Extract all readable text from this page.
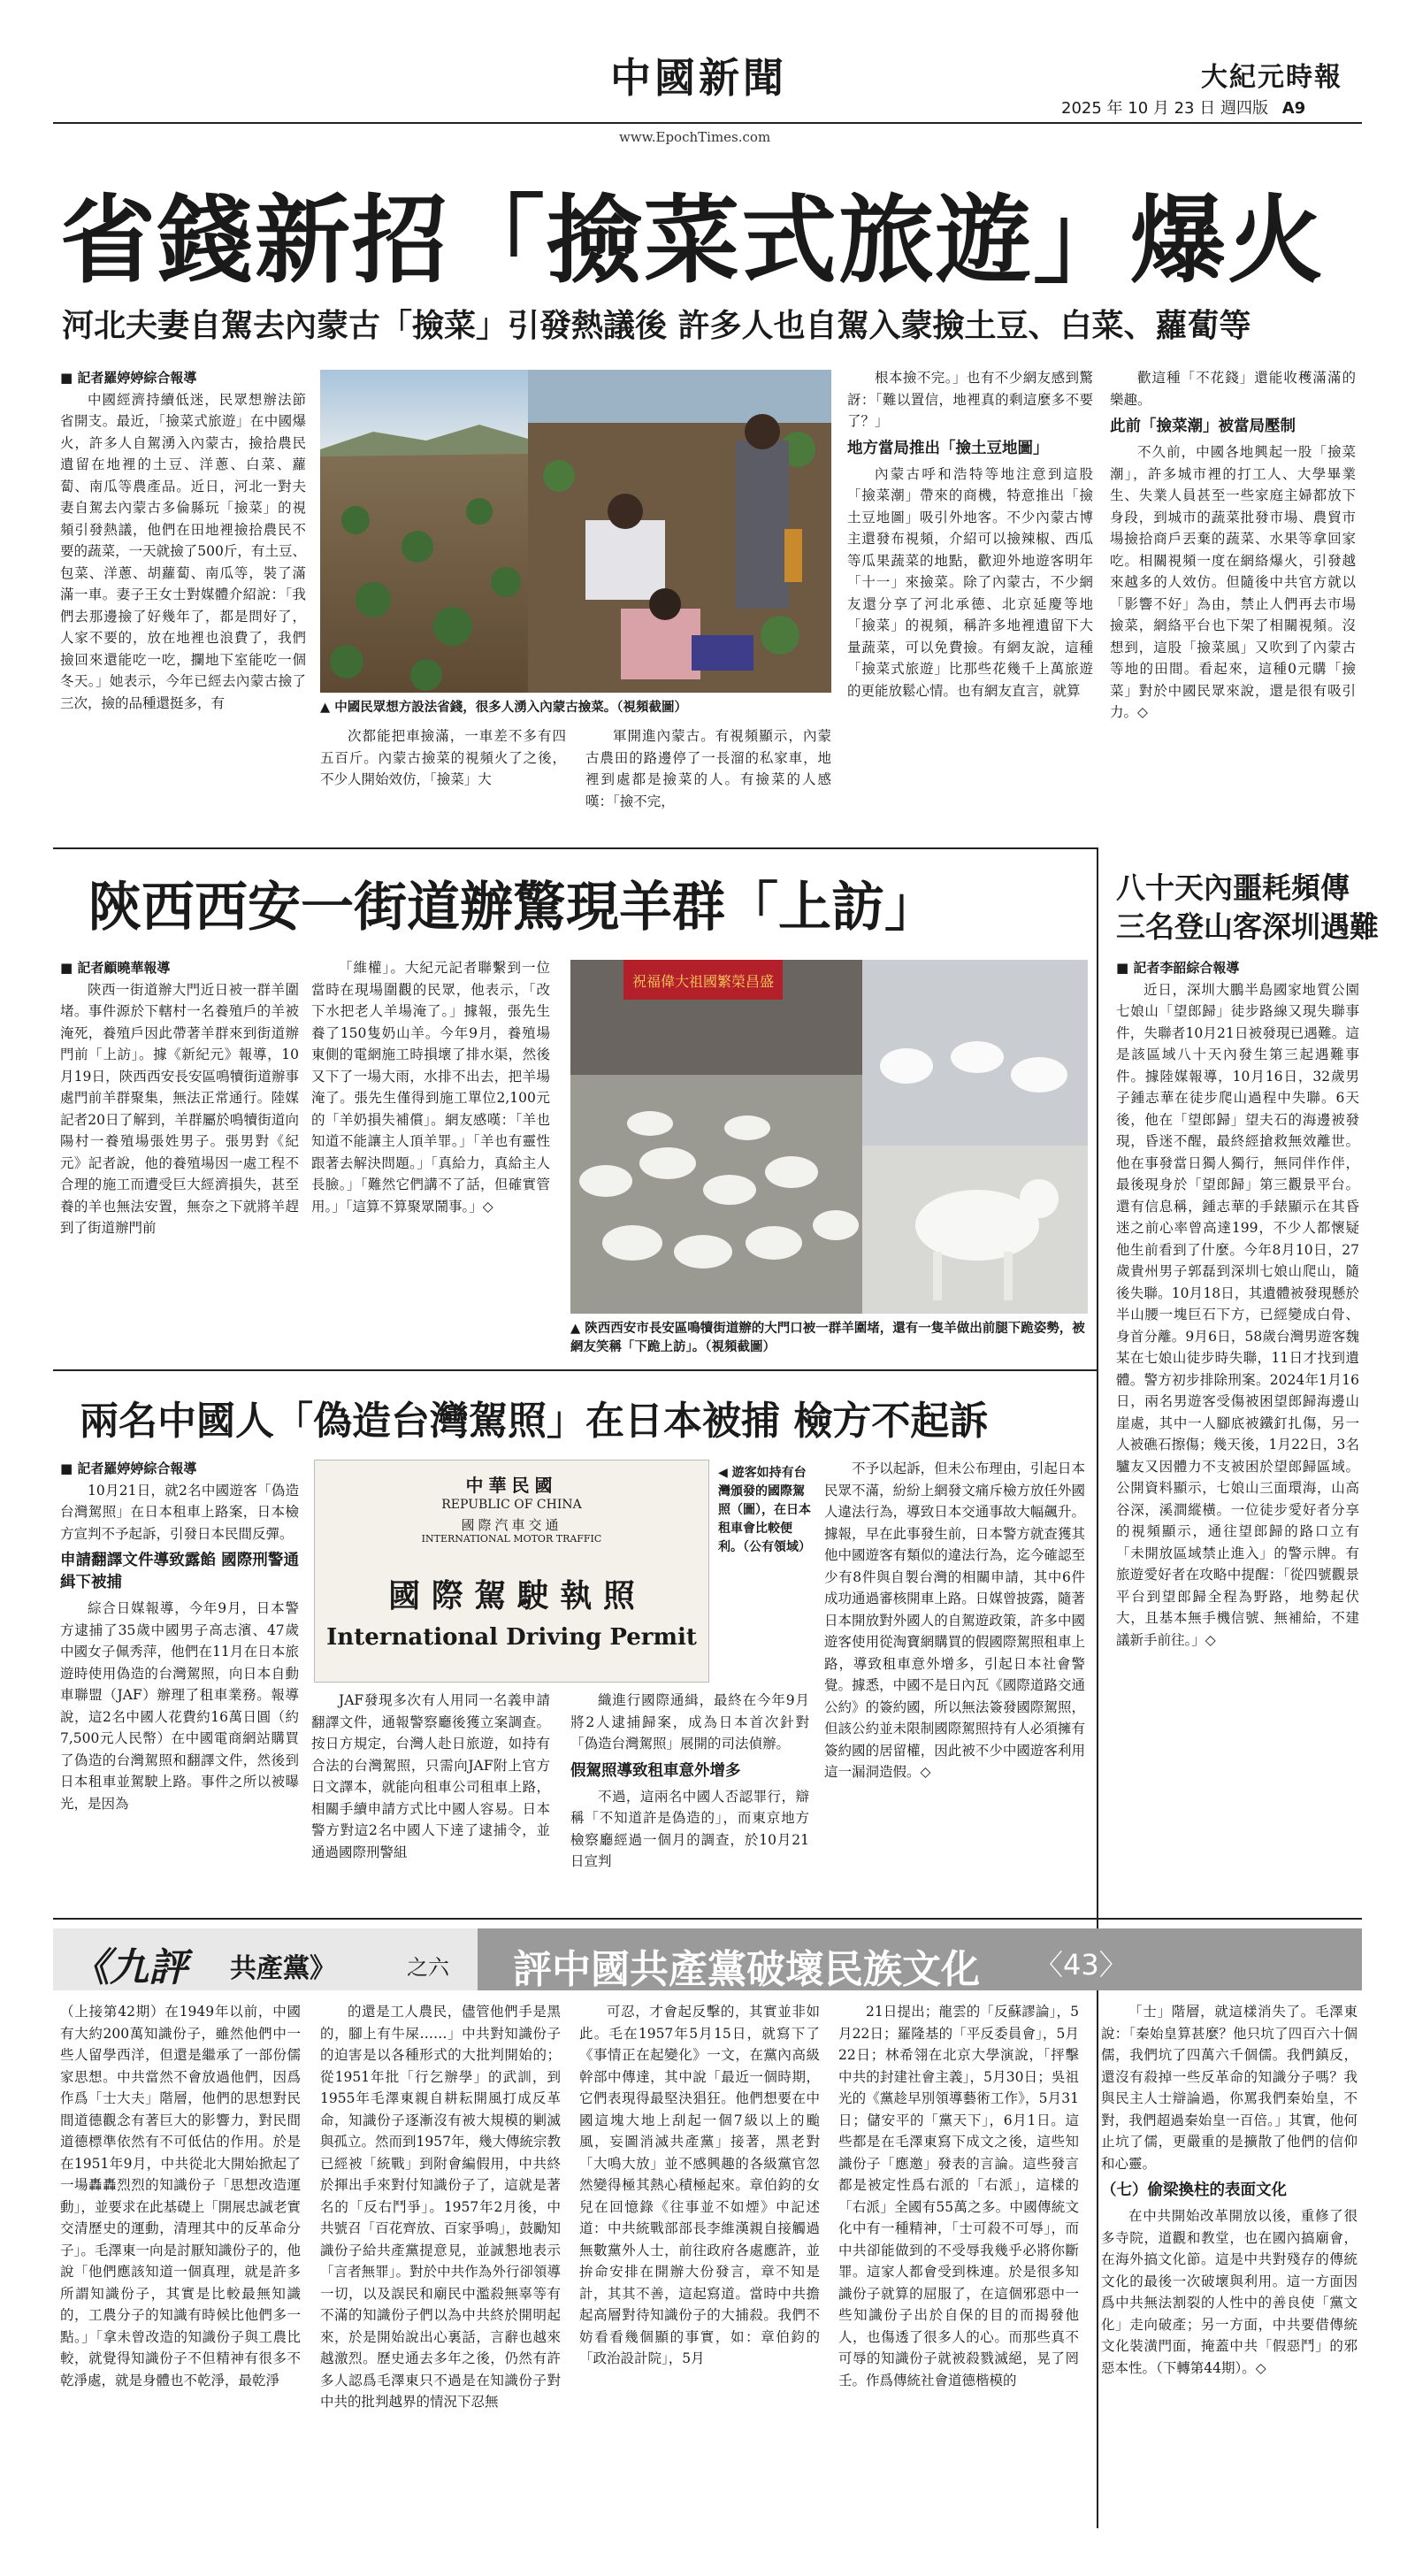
中國新聞
www.EpochTimes.com
大紀元時報
2025 年 10 月 23 日 週四版 A9
省錢新招「撿菜式旅遊」爆火
河北夫妻自駕去內蒙古「撿菜」引發熱議後 許多人也自駕入蒙撿土豆、白菜、蘿蔔等
■ 記者羅婷婷綜合報導

中國經濟持續低迷，民眾想辦法節省開支。最近，「撿菜式旅遊」在中國爆火，許多人自駕湧入內蒙古，撿拾農民遺留在地裡的土豆、洋蔥、白菜、蘿蔔、南瓜等農產品。近日，河北一對夫妻自駕去內蒙古多倫縣玩「撿菜」的視頻引發熱議，他們在田地裡撿拾農民不要的蔬菜，一天就撿了500斤，有土豆、包菜、洋蔥、胡蘿蔔、南瓜等，裝了滿滿一車。妻子王女士對媒體介紹說：「我們去那邊撿了好幾年了，都是問好了，人家不要的，放在地裡也浪費了，我們撿回來還能吃一吃，攔地下室能吃一個冬天。」她表示，今年已經去內蒙古撿了三次，撿的品種還挺多，有	▲ 中國民眾想方設法省錢，很多人湧入內蒙古撿菜。（視頻截圖）

次都能把車撿滿，一車差不多有四五百斤。內蒙古撿菜的視頻火了之後，不少人開始效仿，「撿菜」大

軍開進內蒙古。有視頻顯示，內蒙古農田的路邊停了一長溜的私家車，地裡到處都是撿菜的人。有撿菜的人感嘆：「撿不完，

根本撿不完。」也有不少網友感到驚訝：「難以置信，地裡真的剩這麼多不要了？」

地方當局推出「撿土豆地圖」

內蒙古呼和浩特等地注意到這股「撿菜潮」帶來的商機，特意推出「撿土豆地圖」吸引外地客。不少內蒙古博主還發布視頻，介紹可以撿辣椒、西瓜等瓜果蔬菜的地點，歡迎外地遊客明年「十一」來撿菜。除了內蒙古，不少網友還分享了河北承德、北京延慶等地「撿菜」的視頻，稱許多地裡遺留下大量蔬菜，可以免費撿。有網友說，這種「撿菜式旅遊」比那些花幾千上萬旅遊的更能放鬆心情。也有網友直言，就算

歡這種「不花錢」還能收穫滿滿的樂趣。

此前「撿菜潮」被當局壓制

不久前，中國各地興起一股「撿菜潮」，許多城市裡的打工人、大學畢業生、失業人員甚至一些家庭主婦都放下身段，到城市的蔬菜批發市場、農貿市場撿拾商戶丟棄的蔬菜、水果等拿回家吃。相關視頻一度在網絡爆火，引發越來越多的人效仿。但隨後中共官方就以「影響不好」為由，禁止人們再去市場撿菜，網絡平台也下架了相關視頻。沒想到，這股「撿菜風」又吹到了內蒙古等地的田間。看起來，這種0元購「撿菜」對於中國民眾來說，還是很有吸引力。◇

陝西西安一街道辦驚現羊群「上訪」
■ 記者顧曉華報導

陝西一街道辦大門近日被一群羊圍堵。事件源於下轄村一名養殖戶的羊被淹死，養殖戶因此帶著羊群來到街道辦門前「上訪」。據《新紀元》報導，10月19日，陝西西安長安區鳴犢街道辦事處門前羊群聚集，無法正常通行。陸媒記者20日了解到，羊群屬於鳴犢街道向陽村一養殖場張姓男子。張男對《紀元》記者說，他的養殖場因一處工程不合理的施工而遭受巨大經濟損失，甚至養的羊也無法安置，無奈之下就將羊趕到了街道辦門前

「維權」。大紀元記者聯繫到一位當時在現場圍觀的民眾，他表示，「改下水把老人羊場淹了。」據報，張先生養了150隻奶山羊。今年9月，養殖場東側的電網施工時損壞了排水渠，然後又下了一場大雨，水排不出去，把羊場淹了。張先生僅得到施工單位2,100元的「羊奶損失補償」。網友感嘆：「羊也知道不能讓主人頂羊罪。」「羊也有靈性跟著去解決問題。」「真給力，真給主人長臉。」「難然它們講不了話，但確實管用。」「這算不算聚眾鬧事。」◇

祝福偉大祖國繁榮昌盛
▲ 陝西西安市長安區鳴犢街道辦的大門口被一群羊圍堵，還有一隻羊做出前腿下跪姿勢，被網友笑稱「下跪上訪」。（視頻截圖）
兩名中國人「偽造台灣駕照」在日本被捕 檢方不起訴
■ 記者羅婷婷綜合報導

10月21日，就2名中國遊客「偽造台灣駕照」在日本租車上路案，日本檢方宣判不予起訴，引發日本民間反彈。

申請翻譯文件導致露餡 國際刑警通緝下被捕

綜合日媒報導，今年9月，日本警方逮捕了35歲中國男子高志濱、47歲中國女子佩秀萍，他們在11月在日本旅遊時使用偽造的台灣駕照，向日本自動車聯盟（JAF）辦理了租車業務。報導說，這2名中國人花費約16萬日圓（約7,500元人民幣）在中國電商網站購買了偽造的台灣駕照和翻譯文件，然後到日本租車並駕駛上路。事件之所以被曝光，是因為

中華民國
REPUBLIC OF CHINA
國際汽車交通
INTERNATIONAL MOTOR TRAFFIC
國 際 駕 駛 執 照
International Driving Permit
◀ 遊客如持有台灣頒發的國際駕照（圖），在日本租車會比較便利。（公有領域）

JAF發現多次有人用同一名義申請翻譯文件，通報警察廳後獲立案調查。按日方規定，台灣人赴日旅遊，如持有合法的台灣駕照，只需向JAF附上官方日文譯本，就能向租車公司租車上路，相關手續申請方式比中國人容易。日本警方對這2名中國人下達了逮捕令，並通過國際刑警組

織進行國際通緝，最終在今年9月將2人逮捕歸案，成為日本首次針對「偽造台灣駕照」展開的司法偵辦。

假駕照導致租車意外增多

不過，這兩名中國人否認罪行，辯稱「不知道許是偽造的」，而東京地方檢察廳經過一個月的調查，於10月21日宣判

不予以起訴，但未公布理由，引起日本民眾不滿，紛紛上網發文痛斥檢方放任外國人違法行為，導致日本交通事故大幅飆升。據報，早在此事發生前，日本警方就查獲其他中國遊客有類似的違法行為，迄今確認至少有8件與自製台灣的相關申請，其中6件成功通過審核開車上路。日媒曾披露，隨著日本開放對外國人的自駕遊政策，許多中國遊客使用從淘寶網購買的假國際駕照租車上路，導致租車意外增多，引起日本社會警覺。據悉，中國不是日內瓦《國際道路交通公約》的簽約國，所以無法簽發國際駕照，但該公約並未限制國際駕照持有人必須擁有簽約國的居留權，因此被不少中國遊客利用這一漏洞造假。◇

八十天內噩耗頻傳
三名登山客深圳遇難
■ 記者李韶綜合報導

近日，深圳大鵬半島國家地質公園七娘山「望郎歸」徒步路線又現失聯事件，失聯者10月21日被發現已遇難。這是該區域八十天內發生第三起遇難事件。據陸媒報導，10月16日，32歲男子鍾志華在徒步爬山過程中失聯。6天後，他在「望郎歸」望夫石的海邊被發現，昏迷不醒，最終經搶救無效離世。他在事發當日獨人獨行，無同伴作伴，最後現身於「望郎歸」第三觀景平台。還有信息稱，鍾志華的手錶顯示在其昏迷之前心率曾高達199，不少人都懷疑他生前看到了什麼。今年8月10日，27歲貴州男子郭磊到深圳七娘山爬山，隨後失聯。10月18日，其遺體被發現懸於半山腰一塊巨石下方，已經變成白骨、身首分離。9月6日，58歲台灣男遊客魏某在七娘山徒步時失聯，11日才找到遺體。警方初步排除刑案。2024年1月16日，兩名男遊客受傷被困望郎歸海邊山崖處，其中一人腳底被鐵釘扎傷，另一人被礁石擦傷；幾天後，1月22日，3名驢友又因體力不支被困於望郎歸區域。公開資料顯示，七娘山三面環海，山高谷深，溪澗縱橫。一位徒步愛好者分享的視頻顯示，通往望郎歸的路口立有「未開放區域禁止進入」的警示牌。有旅遊愛好者在攻略中提醒：「從四號觀景平台到望郎歸全程為野路，地勢起伏大，且基本無手機信號、無補給，不建議新手前往。」◇

《九評 共產黨》	之六 評中國共產黨破壞民族文化 〈43〉

（上接第42期）在1949年以前，中國有大約200萬知識份子，雖然他們中一些人留學西洋，但還是繼承了一部份儒家思想。中共當然不會放過他們，因爲作爲「士大夫」階層，他們的思想對民間道德觀念有著巨大的影響力，對民間道德標準依然有不可低估的作用。於是在1951年9月，中共從北大開始掀起了一場轟轟烈烈的知識份子「思想改造運動」，並要求在此基礎上「開展忠誠老實交清歷史的運動，清理其中的反革命分子」。毛澤東一向是討厭知識份子的，他說「他們應該知道一個真理，就是許多所謂知識份子，其實是比較最無知識的，工農分子的知識有時候比他們多一點。」「拿未曾改造的知識份子與工農比較，就覺得知識份子不但精神有很多不乾淨處，就是身體也不乾淨，最乾淨

的還是工人農民，儘管他們手是黑的，腳上有牛屎……」中共對知識份子的迫害是以各種形式的大批判開始的；從1951年批「行乞辦學」的武訓，到1955年毛澤東親自耕耘開風打成反革命，知識份子逐漸沒有被大規模的剿滅與孤立。然而到1957年，幾大傳統宗教已經被「統戰」到附會編假用，中共終於揮出手來對付知識份子了，這就是著名的「反右鬥爭」。1957年2月後，中共號召「百花齊放、百家爭鳴」，鼓勵知識份子給共產黨提意見，並誠懇地表示「言者無罪」。對於中共作為外行卻領導一切，以及誤民和廟民中濫殺無辜等有不滿的知識份子們以為中共終於開明起來，於是開始說出心裏話，言辭也越來越激烈。歷史通去多年之後，仍然有許多人認爲毛澤東只不過是在知識份子對中共的批判越界的情況下忍無

可忍，才會起反擊的，其實並非如此。毛在1957年5月15日，就寫下了《事情正在起變化》一文，在黨內高級幹部中傳達，其中說「最近一個時期，它們表現得最堅決猖狂。他們想要在中國這塊大地上刮起一個7級以上的颱風，妄圖消滅共產黨」接著，黑老對「大鳴大放」並不感興趣的各級黨官忽然變得極其熱心積極起來。章伯鈞的女兒在回憶錄《往事並不如煙》中記述道：中共統戰部部長李維漢親自接觸過無數黨外人士，前往政府各處應許，並拚命安排在開辦大份發言，章不知是計，其其不善，這起寫道。當時中共擔起高層對待知識份子的大捕殺。我們不妨看看幾個顯的事實，如：章伯鈞的「政治設計院」，5月

21日提出；龍雲的「反蘇謬論」，5月22日；羅隆基的「平反委員會」，5月22日；林希翎在北京大學演說，「抨擊中共的封建社會主義」，5月30日；吳祖光的《黨趁早別領導藝術工作》，5月31日；儲安平的「黨天下」，6月1日。這些都是在毛澤東寫下成文之後，這些知識份子「應邀」發表的言論。這些發言都是被定性爲右派的「右派」，這樣的「右派」全國有55萬之多。中國傳統文化中有一種精神，「士可殺不可辱」，而中共卻能做到的不受辱我幾乎必將你斷罪。這家人都會受到株連。於是很多知識份子就算的屈服了，在這個邪惡中一些知識份子出於自保的目的而揭發他人，也傷透了很多人的心。而那些真不可辱的知識份子就被殺戮滅絕，晃了罔壬。作爲傳統社會道德楷模的

「士」階層，就這樣消失了。毛澤東說：「秦始皇算甚麼？他只坑了四百六十個儒，我們坑了四萬六千個儒。我們鎮反，還沒有殺掉一些反革命的知識分子嗎？我與民主人士辯論過，你罵我們秦始皇，不對，我們超過秦始皇一百倍。」其實，他何止坑了儒，更嚴重的是擴散了他們的信仰和心靈。

（七）偷梁換柱的表面文化

在中共開始改革開放以後，重修了很多寺院，道觀和教堂，也在國內搞廟會，在海外搞文化節。這是中共對殘存的傳統文化的最後一次破壞與利用。這一方面因爲中共無法割裂的人性中的善良使「黨文化」走向破產；另一方面，中共要借傳統文化裝潢門面，掩蓋中共「假惡鬥」的邪惡本性。（下轉第44期）。◇
